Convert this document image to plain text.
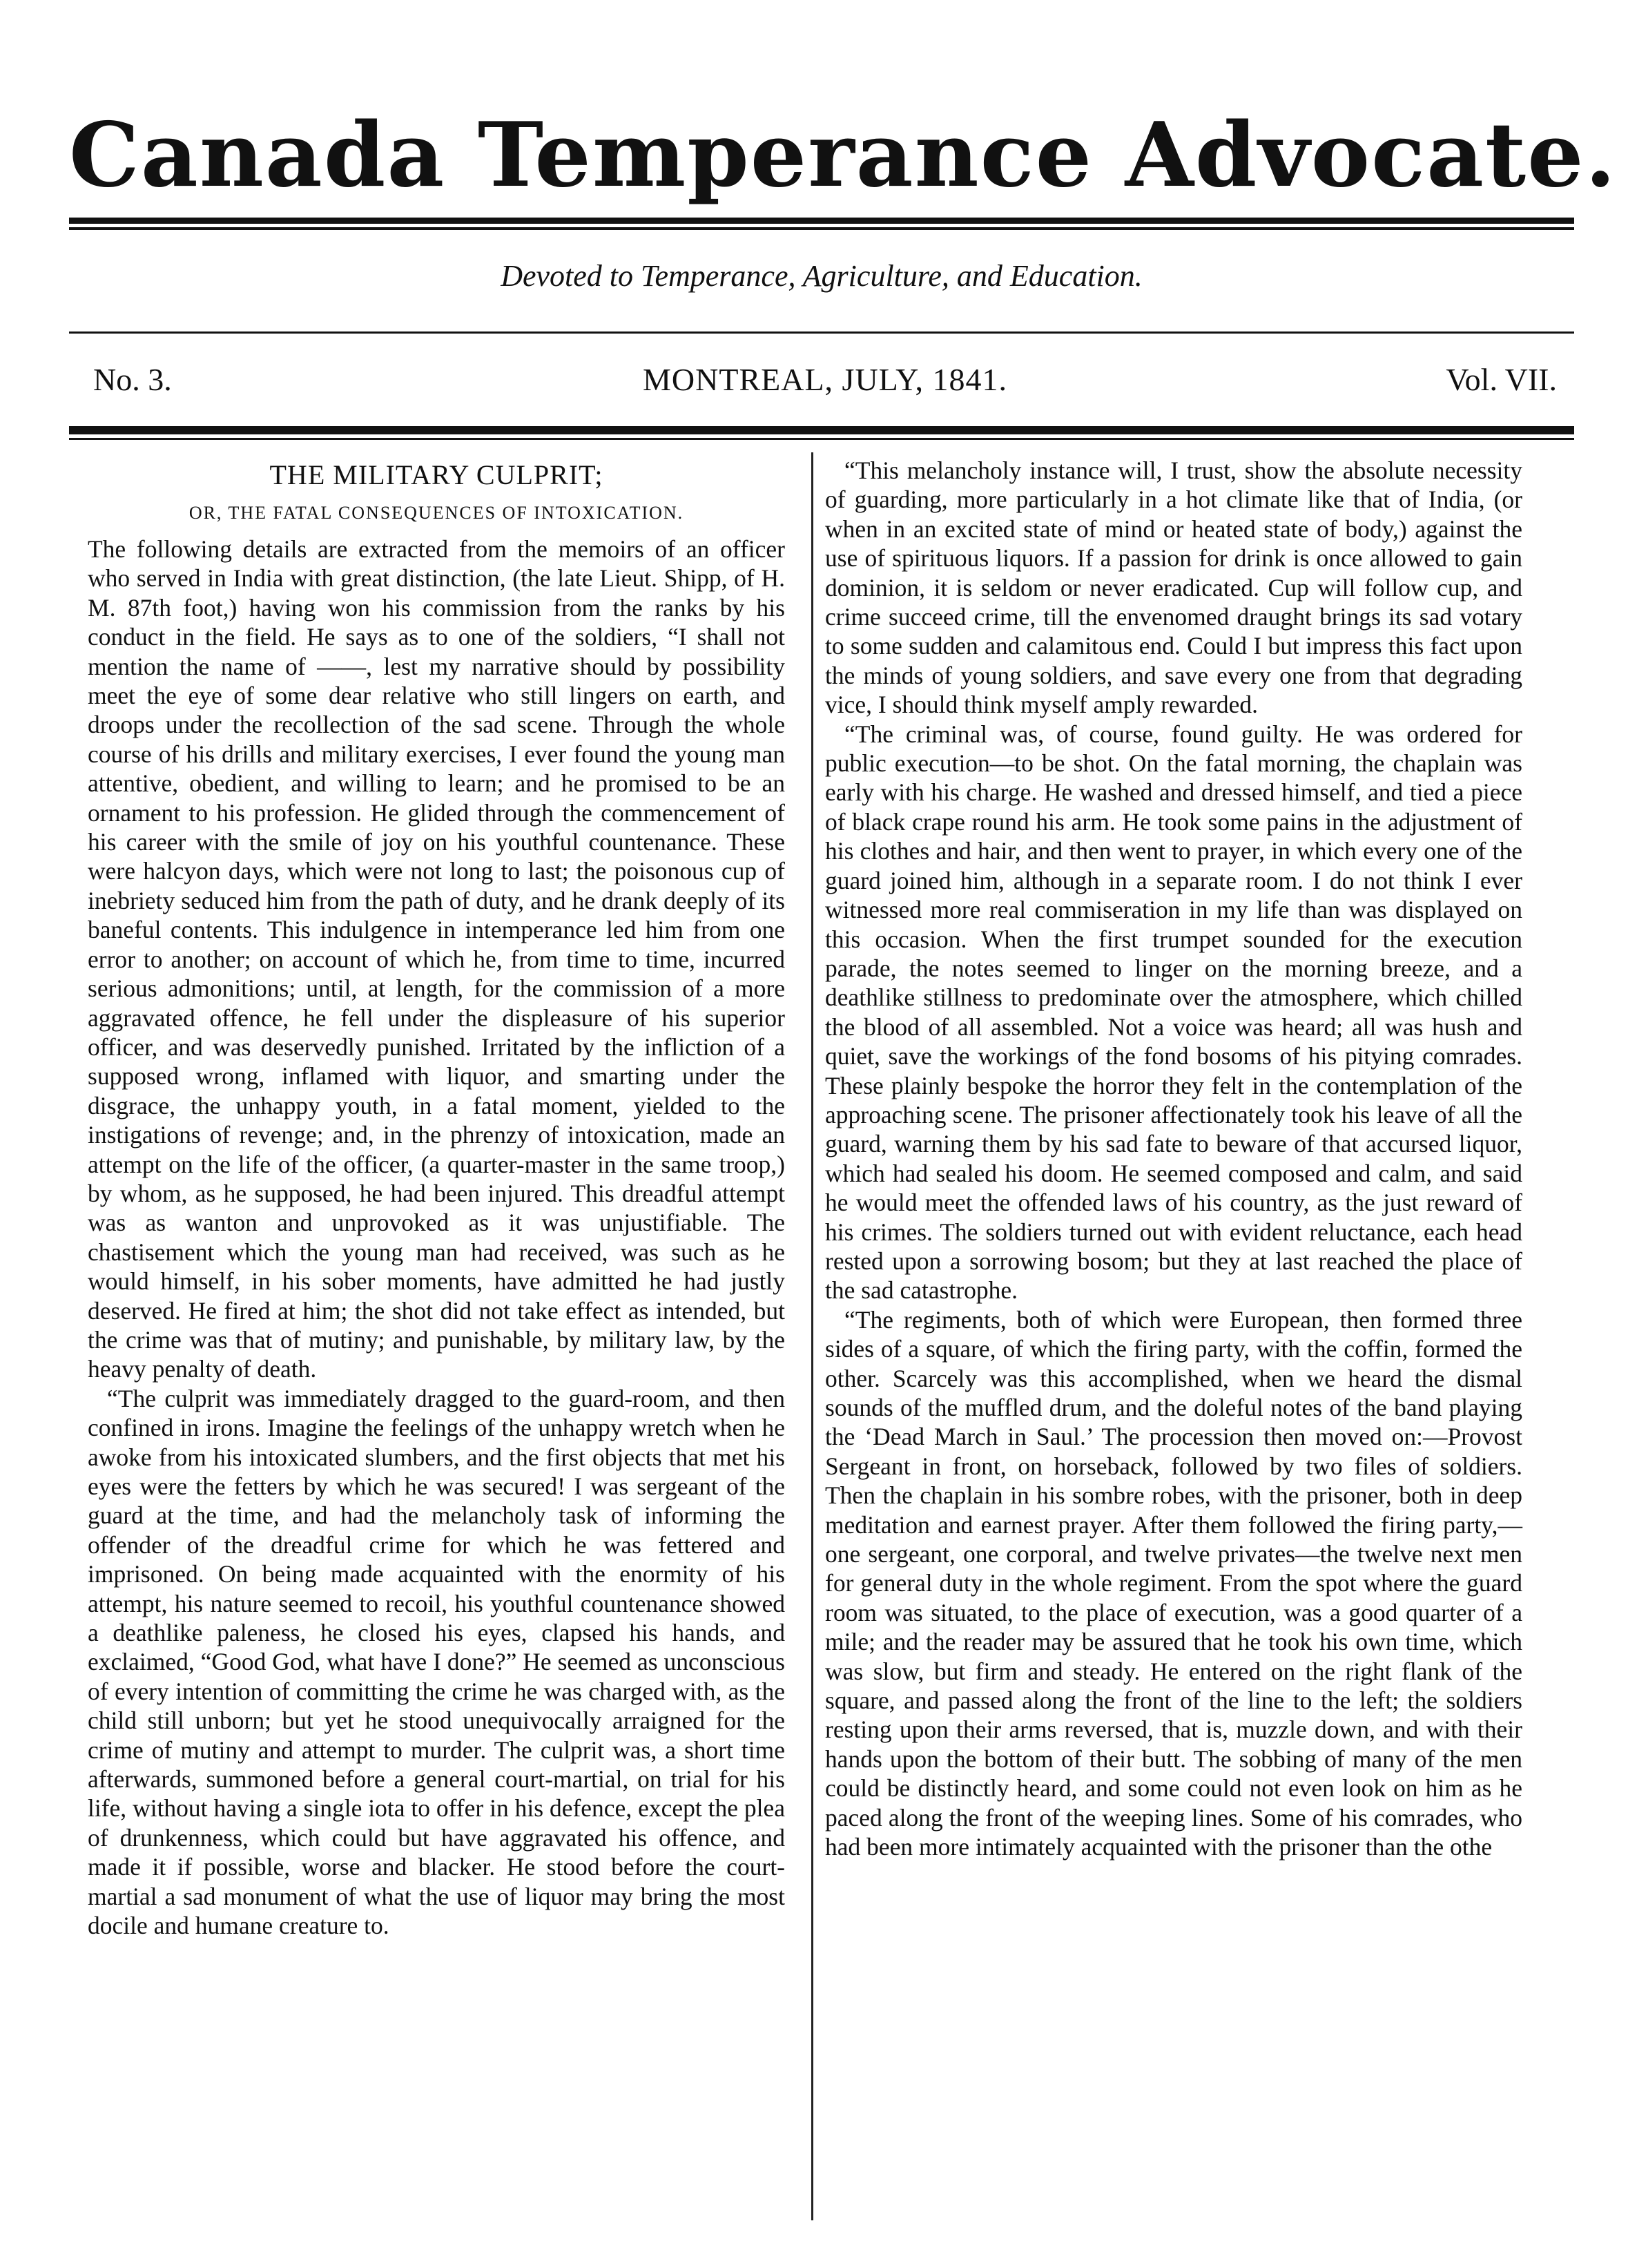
Canada Temperance Advocate.
Devoted to Temperance, Agriculture, and Education.
MONTREAL, JULY, 1841.
No. 3.	Vol. VII.
THE MILITARY CULPRIT;
OR, THE FATAL CONSEQUENCES OF INTOXICATION.

The following details are extracted from the memoirs of an officer who served in India with great distinction, (the late Lieut. Shipp, of H. M. 87th foot,) having won his commission from the ranks by his conduct in the field. He says as to one of the soldiers, “I shall not mention the name of ——, lest my narrative should by possibility meet the eye of some dear relative who still lingers on earth, and droops under the recollection of the sad scene. Through the whole course of his drills and military exercises, I ever found the young man attentive, obedient, and willing to learn; and he promised to be an ornament to his profession. He glided through the commencement of his career with the smile of joy on his youthful countenance. These were halcyon days, which were not long to last; the poisonous cup of inebriety seduced him from the path of duty, and he drank deeply of its baneful contents. This indulgence in intemperance led him from one error to another; on account of which he, from time to time, incurred serious admonitions; until, at length, for the commission of a more aggravated offence, he fell under the displeasure of his superior officer, and was deservedly punished. Irritated by the infliction of a supposed wrong, inflamed with liquor, and smarting under the disgrace, the unhappy youth, in a fatal moment, yielded to the instigations of revenge; and, in the phrenzy of intoxication, made an attempt on the life of the officer, (a quarter-master in the same troop,) by whom, as he supposed, he had been injured. This dreadful attempt was as wanton and unprovoked as it was unjustifiable. The chastisement which the young man had received, was such as he would himself, in his sober moments, have admitted he had justly deserved. He fired at him; the shot did not take effect as intended, but the crime was that of mutiny; and punishable, by military law, by the heavy penalty of death.

“The culprit was immediately dragged to the guard-room, and then confined in irons. Imagine the feelings of the unhappy wretch when he awoke from his intoxicated slumbers, and the first objects that met his eyes were the fetters by which he was secured! I was sergeant of the guard at the time, and had the melancholy task of informing the offender of the dreadful crime for which he was fettered and imprisoned. On being made acquainted with the enormity of his attempt, his nature seemed to recoil, his youthful countenance showed a deathlike paleness, he closed his eyes, clapsed his hands, and exclaimed, “Good God, what have I done?” He seemed as unconscious of every intention of committing the crime he was charged with, as the child still unborn; but yet he stood unequivocally arraigned for the crime of mutiny and attempt to murder. The culprit was, a short time afterwards, summoned before a general court-martial, on trial for his life, without having a single iota to offer in his defence, except the plea of drunkenness, which could but have aggravated his offence, and made it if possible, worse and blacker. He stood before the court-martial a sad monument of what the use of liquor may bring the most docile and humane creature to.

“This melancholy instance will, I trust, show the absolute necessity of guarding, more particularly in a hot climate like that of India, (or when in an excited state of mind or heated state of body,) against the use of spirituous liquors. If a passion for drink is once allowed to gain dominion, it is seldom or never eradicated. Cup will follow cup, and crime succeed crime, till the envenomed draught brings its sad votary to some sudden and calamitous end. Could I but impress this fact upon the minds of young soldiers, and save every one from that degrading vice, I should think myself amply rewarded.

“The criminal was, of course, found guilty. He was ordered for public execution—to be shot. On the fatal morning, the chaplain was early with his charge. He washed and dressed himself, and tied a piece of black crape round his arm. He took some pains in the adjustment of his clothes and hair, and then went to prayer, in which every one of the guard joined him, although in a separate room. I do not think I ever witnessed more real commiseration in my life than was displayed on this occasion. When the first trumpet sounded for the execution parade, the notes seemed to linger on the morning breeze, and a deathlike stillness to predominate over the atmosphere, which chilled the blood of all assembled. Not a voice was heard; all was hush and quiet, save the workings of the fond bosoms of his pitying comrades. These plainly bespoke the horror they felt in the contemplation of the approaching scene. The prisoner affectionately took his leave of all the guard, warning them by his sad fate to beware of that accursed liquor, which had sealed his doom. He seemed composed and calm, and said he would meet the offended laws of his country, as the just reward of his crimes. The soldiers turned out with evident reluctance, each head rested upon a sorrowing bosom; but they at last reached the place of the sad catastrophe.

“The regiments, both of which were European, then formed three sides of a square, of which the firing party, with the coffin, formed the other. Scarcely was this accomplished, when we heard the dismal sounds of the muffled drum, and the doleful notes of the band playing the ‘Dead March in Saul.’ The procession then moved on:—Provost Sergeant in front, on horseback, followed by two files of soldiers. Then the chaplain in his sombre robes, with the prisoner, both in deep meditation and earnest prayer. After them followed the firing party,—one sergeant, one corporal, and twelve privates—the twelve next men for general duty in the whole regiment. From the spot where the guard room was situated, to the place of execution, was a good quarter of a mile; and the reader may be assured that he took his own time, which was slow, but firm and steady. He entered on the right flank of the square, and passed along the front of the line to the left; the soldiers resting upon their arms reversed, that is, muzzle down, and with their hands upon the bottom of their butt. The sobbing of many of the men could be distinctly heard, and some could not even look on him as he paced along the front of the weeping lines. Some of his comrades, who had been more intimately acquainted with the prisoner than the othe
